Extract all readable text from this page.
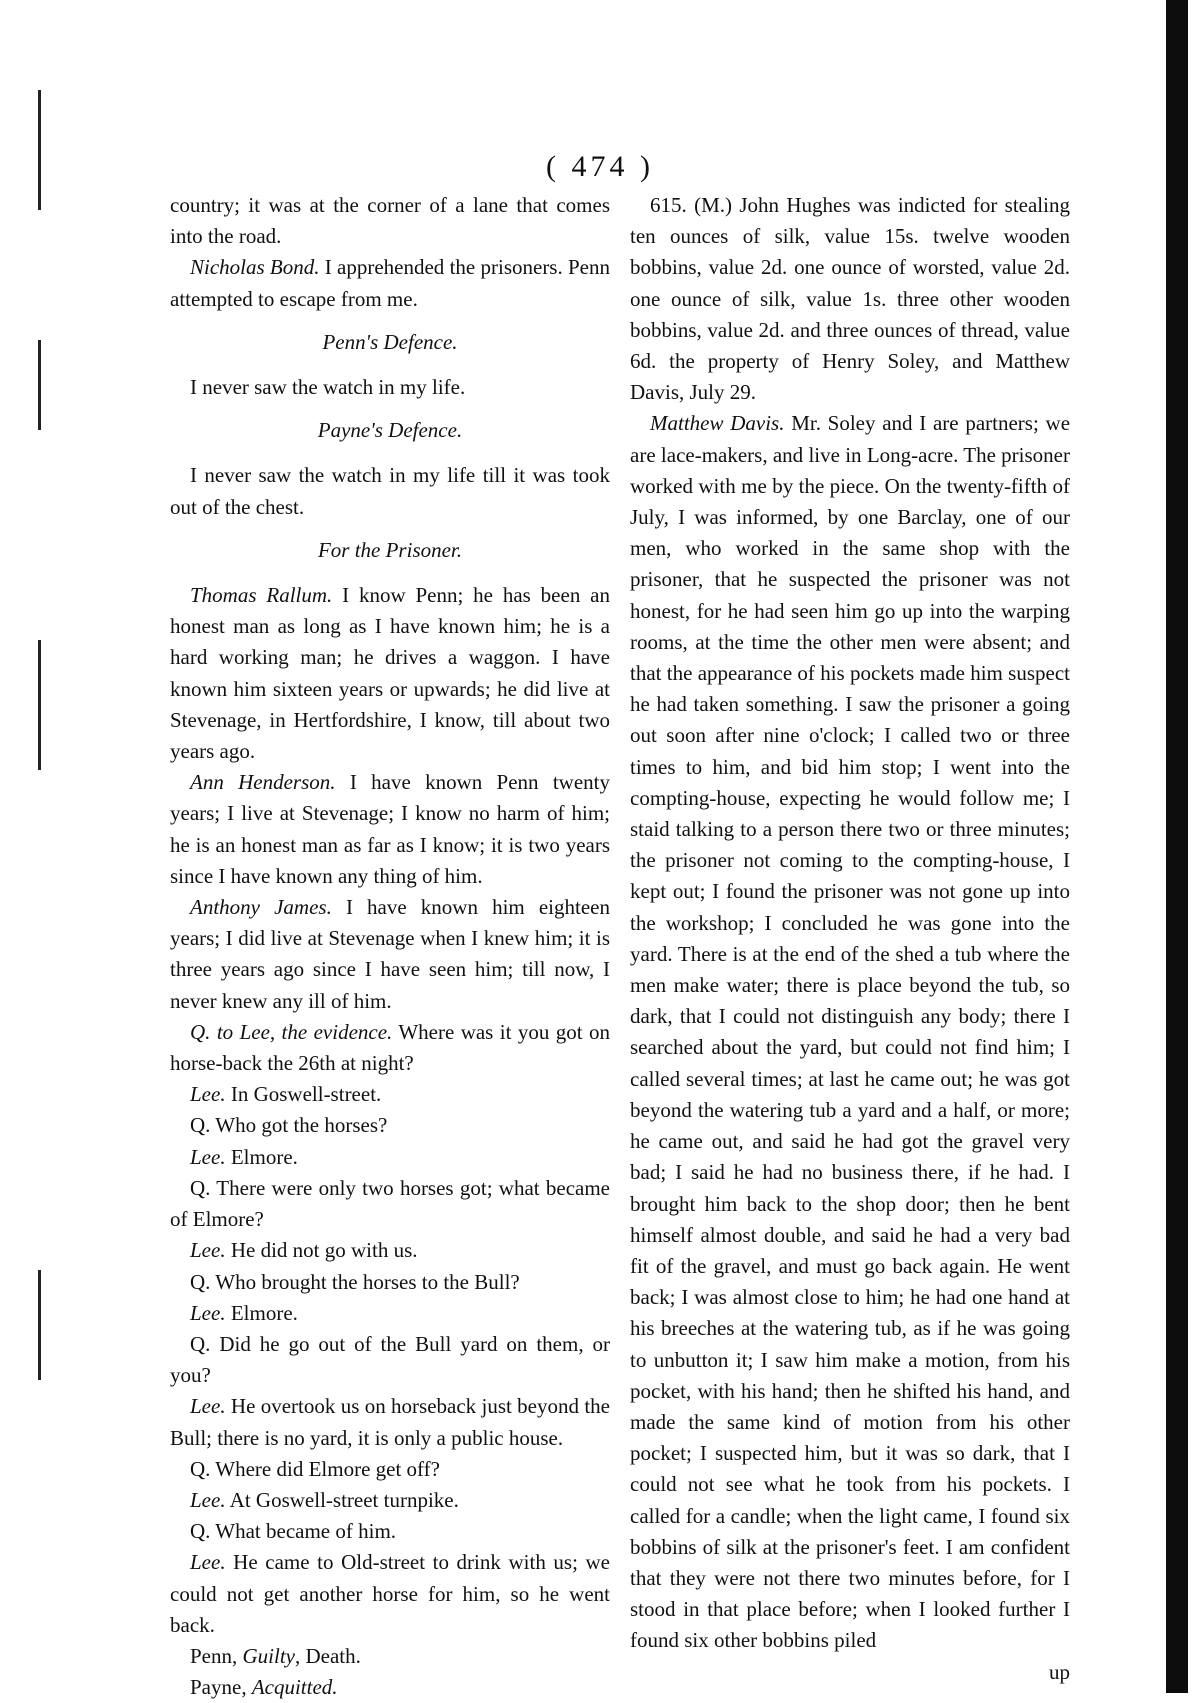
( 474 )

country; it was at the corner of a lane that comes into the road.

Nicholas Bond. I apprehended the prisoners. Penn attempted to escape from me.

Penn's Defence.

I never saw the watch in my life.

Payne's Defence.

I never saw the watch in my life till it was took out of the chest.

For the Prisoner.

Thomas Rallum. I know Penn; he has been an honest man as long as I have known him; he is a hard working man; he drives a waggon. I have known him sixteen years or upwards; he did live at Stevenage, in Hertfordshire, I know, till about two years ago.

Ann Henderson. I have known Penn twenty years; I live at Stevenage; I know no harm of him; he is an honest man as far as I know; it is two years since I have known any thing of him.

Anthony James. I have known him eighteen years; I did live at Stevenage when I knew him; it is three years ago since I have seen him; till now, I never knew any ill of him.

Q. to Lee, the evidence. Where was it you got on horse-back the 26th at night?

Lee. In Goswell-street.

Q. Who got the horses?

Lee. Elmore.

Q. There were only two horses got; what became of Elmore?

Lee. He did not go with us.

Q. Who brought the horses to the Bull?

Lee. Elmore.

Q. Did he go out of the Bull yard on them, or you?

Lee. He overtook us on horseback just beyond the Bull; there is no yard, it is only a public house.

Q. Where did Elmore get off?

Lee. At Goswell-street turnpike.

Q. What became of him.

Lee. He came to Old-street to drink with us; we could not get another horse for him, so he went back.

Penn, Guilty, Death.

Payne, Acquitted.

615. (M.) John Hughes was indicted for stealing ten ounces of silk, value 15s. twelve wooden bobbins, value 2d. one ounce of worsted, value 2d. one ounce of silk, value 1s. three other wooden bobbins, value 2d. and three ounces of thread, value 6d. the property of Henry Soley, and Matthew Davis, July 29.

Matthew Davis. Mr. Soley and I are partners; we are lace-makers, and live in Long-acre. The prisoner worked with me by the piece. On the twenty-fifth of July, I was informed, by one Barclay, one of our men, who worked in the same shop with the prisoner, that he suspected the prisoner was not honest, for he had seen him go up into the warping rooms, at the time the other men were absent; and that the appearance of his pockets made him suspect he had taken something. I saw the prisoner a going out soon after nine o'clock; I called two or three times to him, and bid him stop; I went into the compting-house, expecting he would follow me; I staid talking to a person there two or three minutes; the prisoner not coming to the compting-house, I kept out; I found the prisoner was not gone up into the workshop; I concluded he was gone into the yard. There is at the end of the shed a tub where the men make water; there is place beyond the tub, so dark, that I could not distinguish any body; there I searched about the yard, but could not find him; I called several times; at last he came out; he was got beyond the watering tub a yard and a half, or more; he came out, and said he had got the gravel very bad; I said he had no business there, if he had. I brought him back to the shop door; then he bent himself almost double, and said he had a very bad fit of the gravel, and must go back again. He went back; I was almost close to him; he had one hand at his breeches at the watering tub, as if he was going to unbutton it; I saw him make a motion, from his pocket, with his hand; then he shifted his hand, and made the same kind of motion from his other pocket; I suspected him, but it was so dark, that I could not see what he took from his pockets. I called for a candle; when the light came, I found six bobbins of silk at the prisoner's feet. I am confident that they were not there two minutes before, for I stood in that place before; when I looked further I found six other bobbins piled

up
